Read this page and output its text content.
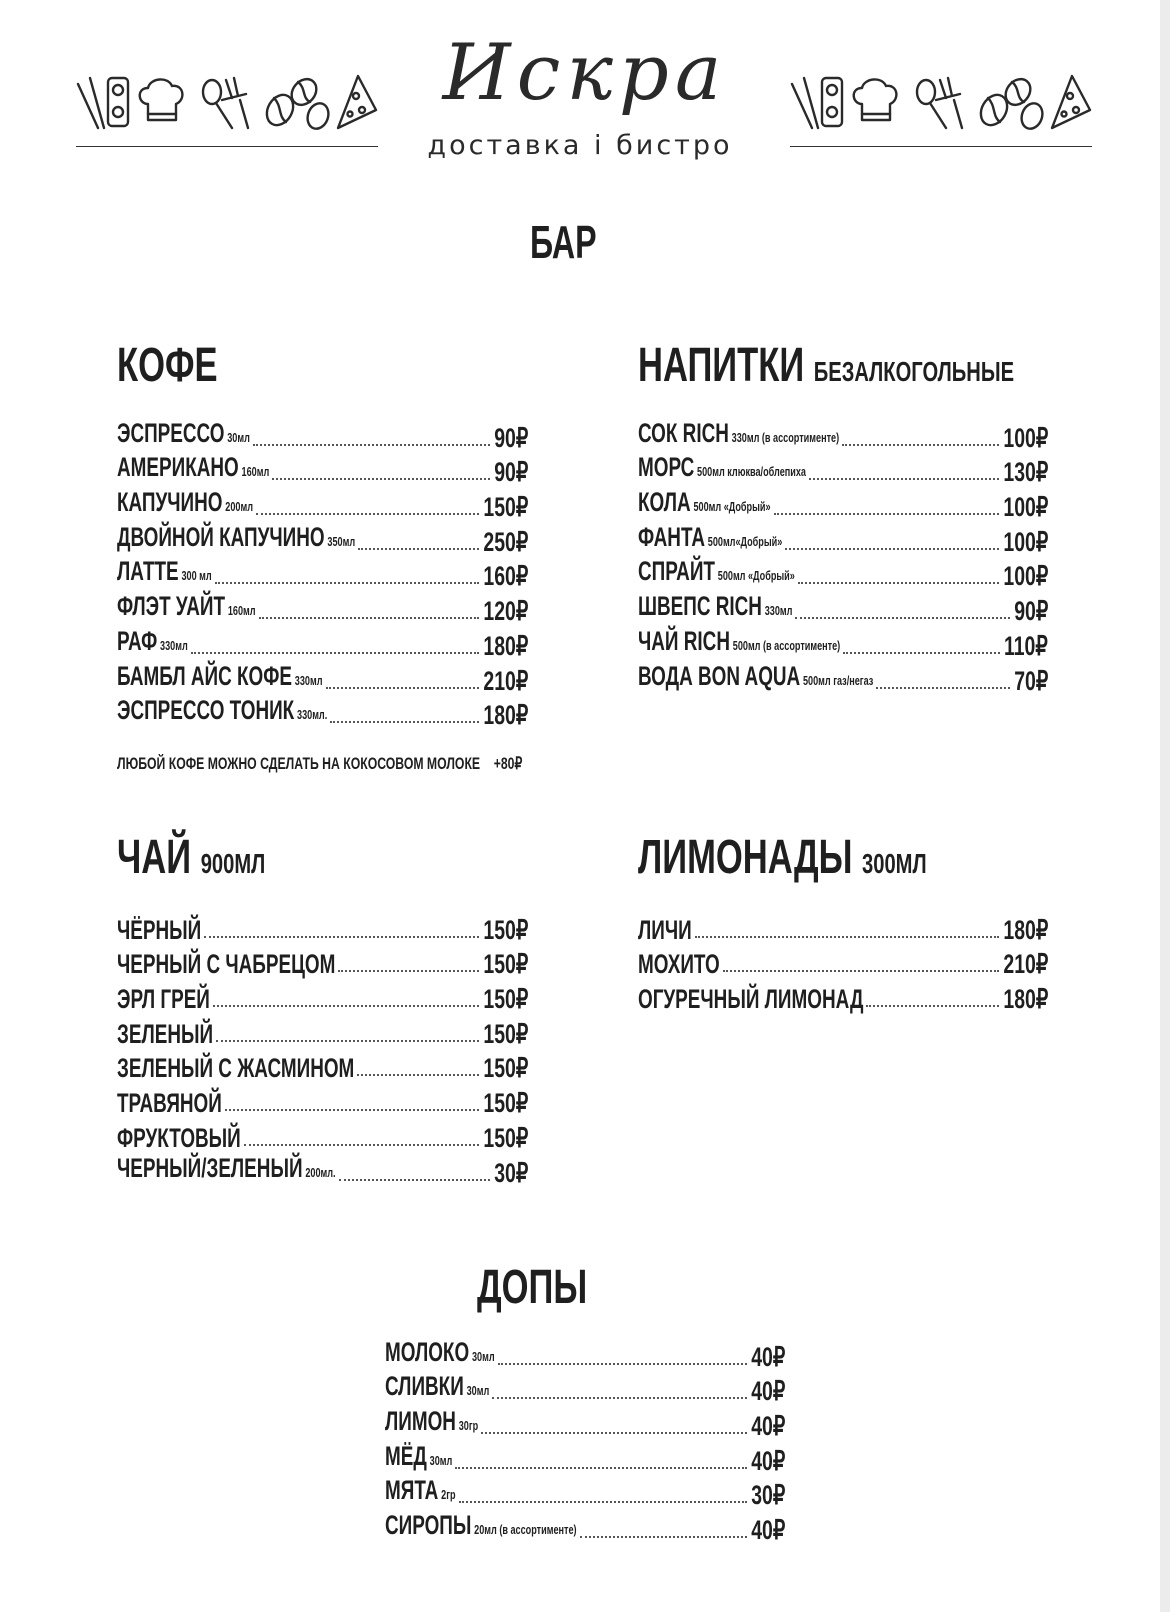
Искра
доставка і бистро
БАР
КОФЕ	НАПИТКИ БЕЗАЛКОГОЛЬНЫЕ
ЧАЙ 900МЛ	ЛИМОНАДЫ 300МЛ
ДОПЫ
ЭСПРЕССО 30мл	90₽
АМЕРИКАНО 160мл	90₽
КАПУЧИНО 200мл	150₽
ДВОЙНОЙ КАПУЧИНО 350мл	250₽
ЛАТТЕ 300 мл	160₽
ФЛЭТ УАЙТ 160мл	120₽
РАФ 330мл	180₽
БАМБЛ АЙС КОФЕ 330мл	210₽
ЭСПРЕССО ТОНИК 330мл.	180₽
СОК RICH 330мл (в ассортименте)	100₽
МОРС 500мл клюква/облепиха	130₽
КОЛА 500мл «Добрый»	100₽
ФАНТА 500мл«Добрый»	100₽
СПРАЙТ 500мл «Добрый»	100₽
ШВЕПС RICH 330мл	90₽
ЧАЙ RICH 500мл (в ассортименте)	110₽
ВОДА BON AQUA 500мл газ/негаз	70₽
ЧЁРНЫЙ	150₽
ЧЕРНЫЙ С ЧАБРЕЦОМ	150₽
ЭРЛ ГРЕЙ	150₽
ЗЕЛЕНЫЙ	150₽
ЗЕЛЕНЫЙ С ЖАСМИНОМ	150₽
ТРАВЯНОЙ	150₽
ФРУКТОВЫЙ	150₽
ЧЕРНЫЙ/ЗЕЛЕНЫЙ 200мл.	30₽
ЛИЧИ	180₽
МОХИТО	210₽
ОГУРЕЧНЫЙ ЛИМОНАД	180₽
МОЛОКО 30мл	40₽
СЛИВКИ 30мл	40₽
ЛИМОН 30гр	40₽
МЁД 30мл	40₽
МЯТА 2гр	30₽
СИРОПЫ 20мл (в ассортименте)	40₽
ЛЮБОЙ КОФЕ МОЖНО СДЕЛАТЬ НА КОКОСОВОМ МОЛОКЕ +80₽
